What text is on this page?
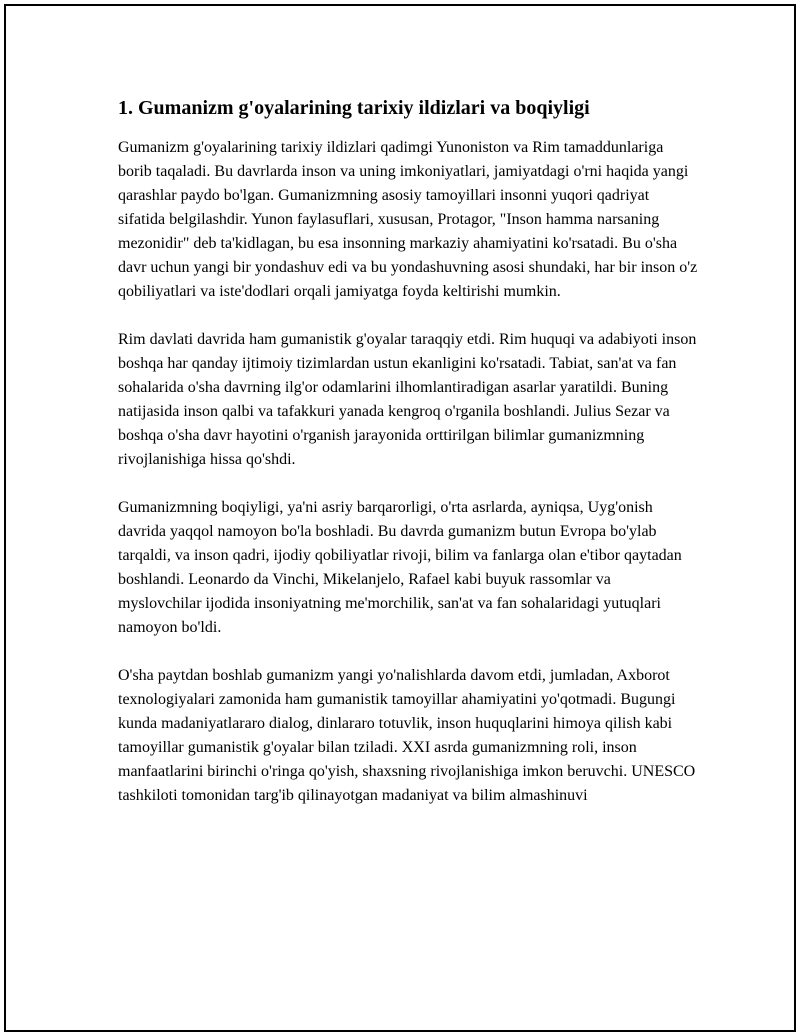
1. Gumanizm g'oyalarining tarixiy ildizlari va boqiyligi

Gumanizm g'oyalarining tarixiy ildizlari qadimgi Yunoniston va Rim tamaddunlariga borib taqaladi. Bu davrlarda inson va uning imkoniyatlari, jamiyatdagi o'rni haqida yangi qarashlar paydo bo'lgan. Gumanizmning asosiy tamoyillari insonni yuqori qadriyat sifatida belgilashdir. Yunon faylasuflari, xususan, Protagor, "Inson hamma narsaning mezonidir" deb ta'kidlagan, bu esa insonning markaziy ahamiyatini ko'rsatadi. Bu o'sha davr uchun yangi bir yondashuv edi va bu yondashuvning asosi shundaki, har bir inson o'z qobiliyatlari va iste'dodlari orqali jamiyatga foyda keltirishi mumkin.

Rim davlati davrida ham gumanistik g'oyalar taraqqiy etdi. Rim huquqi va adabiyoti inson boshqa har qanday ijtimoiy tizimlardan ustun ekanligini ko'rsatadi. Tabiat, san'at va fan sohalarida o'sha davrning ilg'or odamlarini ilhomlantiradigan asarlar yaratildi. Buning natijasida inson qalbi va tafakkuri yanada kengroq o'rganila boshlandi. Julius Sezar va boshqa o'sha davr hayotini o'rganish jarayonida orttirilgan bilimlar gumanizmning rivojlanishiga hissa qo'shdi.

Gumanizmning boqiyligi, ya'ni asriy barqarorligi, o'rta asrlarda, ayniqsa, Uyg'onish davrida yaqqol namoyon bo'la boshladi. Bu davrda gumanizm butun Evropa bo'ylab tarqaldi, va inson qadri, ijodiy qobiliyatlar rivoji, bilim va fanlarga olan e'tibor qaytadan boshlandi. Leonardo da Vinchi, Mikelanjelo, Rafael kabi buyuk rassomlar va myslovchilar ijodida insoniyatning me'morchilik, san'at va fan sohalaridagi yutuqlari namoyon bo'ldi.

O'sha paytdan boshlab gumanizm yangi yo'nalishlarda davom etdi, jumladan, Axborot texnologiyalari zamonida ham gumanistik tamoyillar ahamiyatini yo'qotmadi. Bugungi kunda madaniyatlararo dialog, dinlararo totuvlik, inson huquqlarini himoya qilish kabi tamoyillar gumanistik g'oyalar bilan tziladi. XXI asrda gumanizmning roli, inson manfaatlarini birinchi o'ringa qo'yish, shaxsning rivojlanishiga imkon beruvchi. UNESCO tashkiloti tomonidan targ'ib qilinayotgan madaniyat va bilim almashinuvi
